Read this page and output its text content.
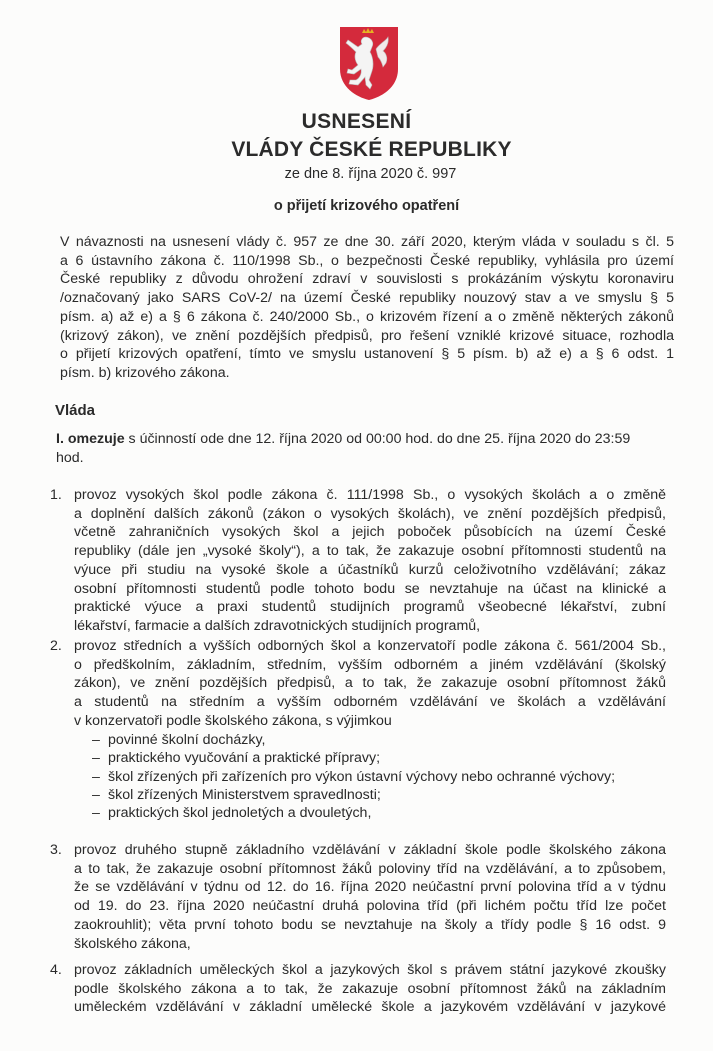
USNESENÍ
VLÁDY ČESKÉ REPUBLIKY
ze dne 8. října 2020 č. 997
o přijetí krizového opatření
V návaznosti na usnesení vlády č. 957 ze dne 30. září 2020, kterým vláda v souladu s čl. 5
a 6 ústavního zákona č. 110/1998 Sb., o bezpečnosti České republiky, vyhlásila pro území
České republiky z důvodu ohrožení zdraví v souvislosti s prokázáním výskytu koronaviru
/označovaný jako SARS CoV-2/ na území České republiky nouzový stav a ve smyslu § 5
písm. a) až e) a § 6 zákona č. 240/2000 Sb., o krizovém řízení a o změně některých zákonů
(krizový zákon), ve znění pozdějších předpisů, pro řešení vzniklé krizové situace, rozhodla
o přijetí krizových opatření, tímto ve smyslu ustanovení § 5 písm. b) až e) a § 6 odst. 1
písm. b) krizového zákona.
Vláda
I. omezuje s účinností ode dne 12. října 2020 od 00:00 hod. do dne 25. října 2020 do 23:59
hod.
1. provoz vysokých škol podle zákona č. 111/1998 Sb., o vysokých školách a o změně
a doplnění dalších zákonů (zákon o vysokých školách), ve znění pozdějších předpisů,
včetně zahraničních vysokých škol a jejich poboček působících na území České
republiky (dále jen „vysoké školy“), a to tak, že zakazuje osobní přítomnosti studentů na
výuce při studiu na vysoké škole a účastníků kurzů celoživotního vzdělávání; zákaz
osobní přítomnosti studentů podle tohoto bodu se nevztahuje na účast na klinické a
praktické výuce a praxi studentů studijních programů všeobecné lékařství, zubní
lékařství, farmacie a dalších zdravotnických studijních programů,
2. provoz středních a vyšších odborných škol a konzervatoří podle zákona č. 561/2004 Sb.,
o předškolním, základním, středním, vyšším odborném a jiném vzdělávání (školský
zákon), ve znění pozdějších předpisů, a to tak, že zakazuje osobní přítomnost žáků
a studentů na středním a vyšším odborném vzdělávání ve školách a vzdělávání
v konzervatoři podle školského zákona, s výjimkou
– povinné školní docházky,
– praktického vyučování a praktické přípravy;
– škol zřízených při zařízeních pro výkon ústavní výchovy nebo ochranné výchovy;
– škol zřízených Ministerstvem spravedlnosti;
– praktických škol jednoletých a dvouletých,
3. provoz druhého stupně základního vzdělávání v základní škole podle školského zákona
a to tak, že zakazuje osobní přítomnost žáků poloviny tříd na vzdělávání, a to způsobem,
že se vzdělávání v týdnu od 12. do 16. října 2020 neúčastní první polovina tříd a v týdnu
od 19. do 23. října 2020 neúčastní druhá polovina tříd (při lichém počtu tříd lze počet
zaokrouhlit); věta první tohoto bodu se nevztahuje na školy a třídy podle § 16 odst. 9
školského zákona,
4. provoz základních uměleckých škol a jazykových škol s právem státní jazykové zkoušky
podle školského zákona a to tak, že zakazuje osobní přítomnost žáků na základním
uměleckém vzdělávání v základní umělecké škole a jazykovém vzdělávání v jazykové
